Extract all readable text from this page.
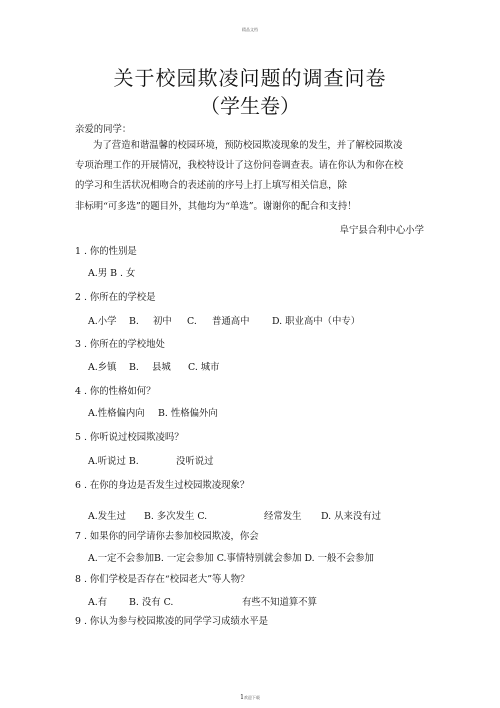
精品文档
关于校园欺凌问题的调查问卷
（学生卷）
亲爱的同学：
为了营造和谐温馨的校园环境，预防校园欺凌现象的发生，并了解校园欺凌
专项治理工作的开展情况，我校特设计了这份问卷调查表。请在你认为和你在校
的学习和生活状况相吻合的表述前的序号上打上填写相关信息，除
非标明“可多选”的题目外，其他均为“单选”。谢谢你的配合和支持！
阜宁县合利中心小学
1 . 你的性别是
A.男 B . 女
2 . 你所在的学校是
A.小学 B. 初中 C. 普通高中 D. 职业高中（中专）
3 . 你所在的学校地处
A.乡镇 B. 县城 C. 城市
4 . 你的性格如何？
A.性格偏内向 B. 性格偏外向
5 . 你听说过校园欺凌吗？
A.听说过 B.	没听说过
6 . 在你的身边是否发生过校园欺凌现象？
A.发生过 B. 多次发生 C.	经常发生 D. 从来没有过
7 . 如果你的同学请你去参加校园欺凌，你会
A.一定不会参加B. 一定会参加 C.事情特别就会参加 D. 一般不会参加
8 . 你们学校是否存在“校园老大”等人物？
A.有 B. 没有 C.	有些不知道算不算
9 . 你认为参与校园欺凌的同学学习成绩水平是
1欢迎下载
